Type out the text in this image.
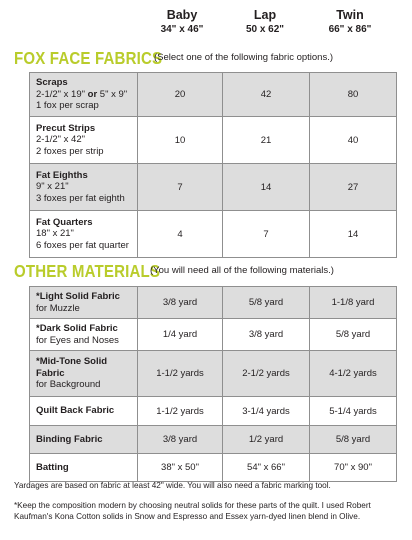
Baby
34" x 46"
Lap
50 x 62"
Twin
66" x 86"
FOX FACE FABRICS
(Select one of the following fabric options.)
Scraps
2-1/2" x 19" or 5" x 9"
1 fox per scrap	20	42	80

Precut Strips
2-1/2" x 42"
2 foxes per strip	10	21	40

Fat Eighths
9" x 21"
3 foxes per fat eighth	7	14	27

Fat Quarters
18" x 21"
6 foxes per fat quarter	4	7	14
OTHER MATERIALS
(You will need all of the following materials.)
*Light Solid Fabric
for Muzzle	3/8 yard	5/8 yard	1-1/8 yard

*Dark Solid Fabric
for Eyes and Noses	1/4 yard	3/8 yard	5/8 yard

*Mid-Tone Solid Fabric
for Background	1-1/2 yards	2-1/2 yards	4-1/2 yards

Quilt Back Fabric	1-1/2 yards	3-1/4 yards	5-1/4 yards

Binding Fabric	3/8 yard	1/2 yard	5/8 yard

Batting	38" x 50"	54" x 66"	70" x 90"

Yardages are based on fabric at least 42" wide. You will also need a fabric marking tool.

*Keep the composition modern by choosing neutral solids for these parts of the quilt. I used Robert Kaufman's Kona Cotton solids in Snow and Espresso and Essex yarn-dyed linen blend in Olive.
